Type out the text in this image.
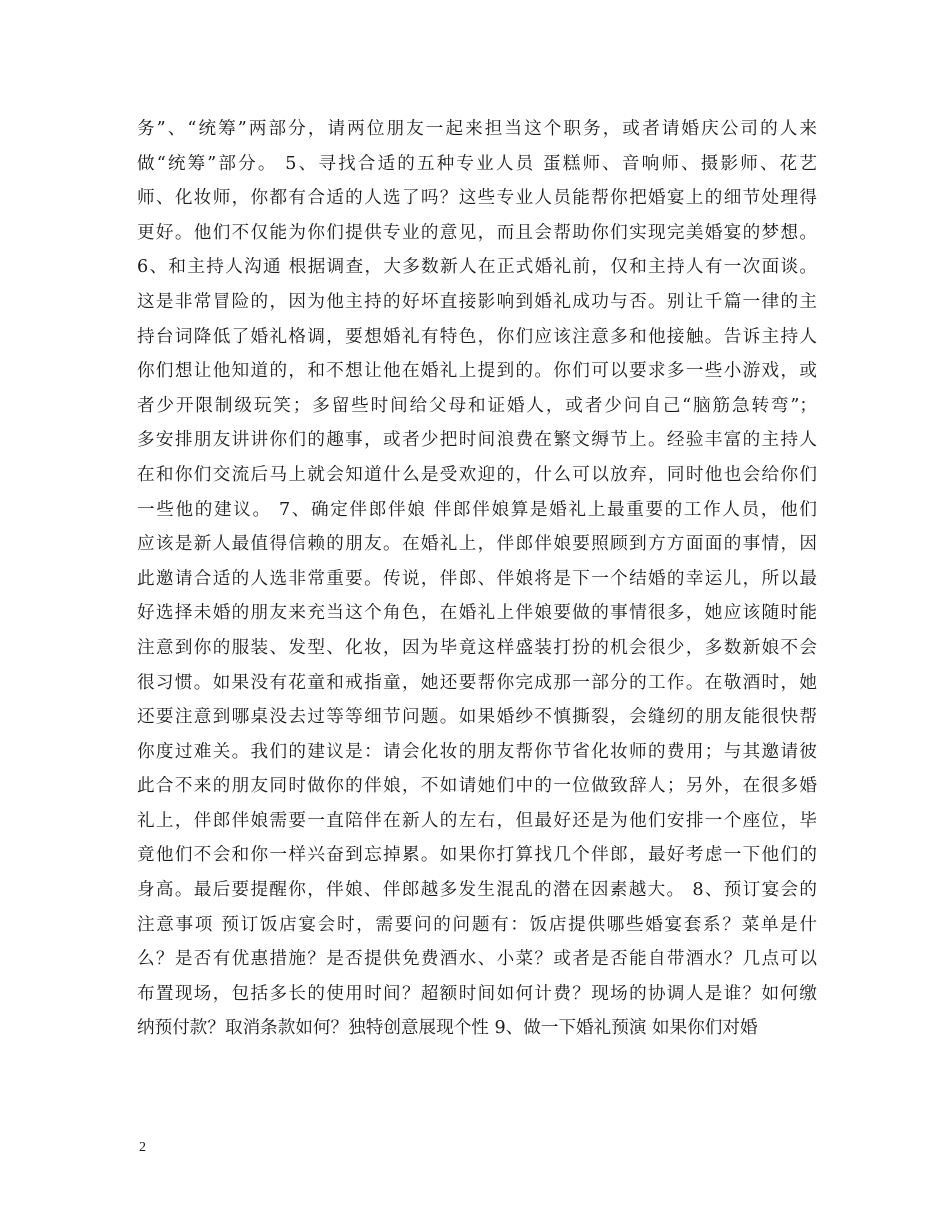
务”、“统筹”两部分，请两位朋友一起来担当这个职务，或者请婚庆公司的人来
做“统筹”部分。 5、寻找合适的五种专业人员 蛋糕师、音响师、摄影师、花艺
师、化妆师，你都有合适的人选了吗？这些专业人员能帮你把婚宴上的细节处理得
更好。他们不仅能为你们提供专业的意见，而且会帮助你们实现完美婚宴的梦想。
6、和主持人沟通 根据调查，大多数新人在正式婚礼前，仅和主持人有一次面谈。
这是非常冒险的，因为他主持的好坏直接影响到婚礼成功与否。别让千篇一律的主
持台词降低了婚礼格调，要想婚礼有特色，你们应该注意多和他接触。告诉主持人
你们想让他知道的，和不想让他在婚礼上提到的。你们可以要求多一些小游戏，或
者少开限制级玩笑；多留些时间给父母和证婚人，或者少问自己“脑筋急转弯”；
多安排朋友讲讲你们的趣事，或者少把时间浪费在繁文缛节上。经验丰富的主持人
在和你们交流后马上就会知道什么是受欢迎的，什么可以放弃，同时他也会给你们
一些他的建议。 7、确定伴郎伴娘 伴郎伴娘算是婚礼上最重要的工作人员，他们
应该是新人最值得信赖的朋友。在婚礼上，伴郎伴娘要照顾到方方面面的事情，因
此邀请合适的人选非常重要。传说，伴郎、伴娘将是下一个结婚的幸运儿，所以最
好选择未婚的朋友来充当这个角色，在婚礼上伴娘要做的事情很多，她应该随时能
注意到你的服装、发型、化妆，因为毕竟这样盛装打扮的机会很少，多数新娘不会
很习惯。如果没有花童和戒指童，她还要帮你完成那一部分的工作。在敬酒时，她
还要注意到哪桌没去过等等细节问题。如果婚纱不慎撕裂，会缝纫的朋友能很快帮
你度过难关。我们的建议是：请会化妆的朋友帮你节省化妆师的费用；与其邀请彼
此合不来的朋友同时做你的伴娘，不如请她们中的一位做致辞人；另外，在很多婚
礼上，伴郎伴娘需要一直陪伴在新人的左右，但最好还是为他们安排一个座位，毕
竟他们不会和你一样兴奋到忘掉累。如果你打算找几个伴郎，最好考虑一下他们的
身高。最后要提醒你，伴娘、伴郎越多发生混乱的潜在因素越大。 8、预订宴会的
注意事项 预订饭店宴会时，需要问的问题有：饭店提供哪些婚宴套系？菜单是什
么？是否有优惠措施？是否提供免费酒水、小菜？或者是否能自带酒水？几点可以
布置现场，包括多长的使用时间？超额时间如何计费？现场的协调人是谁？如何缴
纳预付款？取消条款如何？独特创意展现个性 9、做一下婚礼预演 如果你们对婚
2
